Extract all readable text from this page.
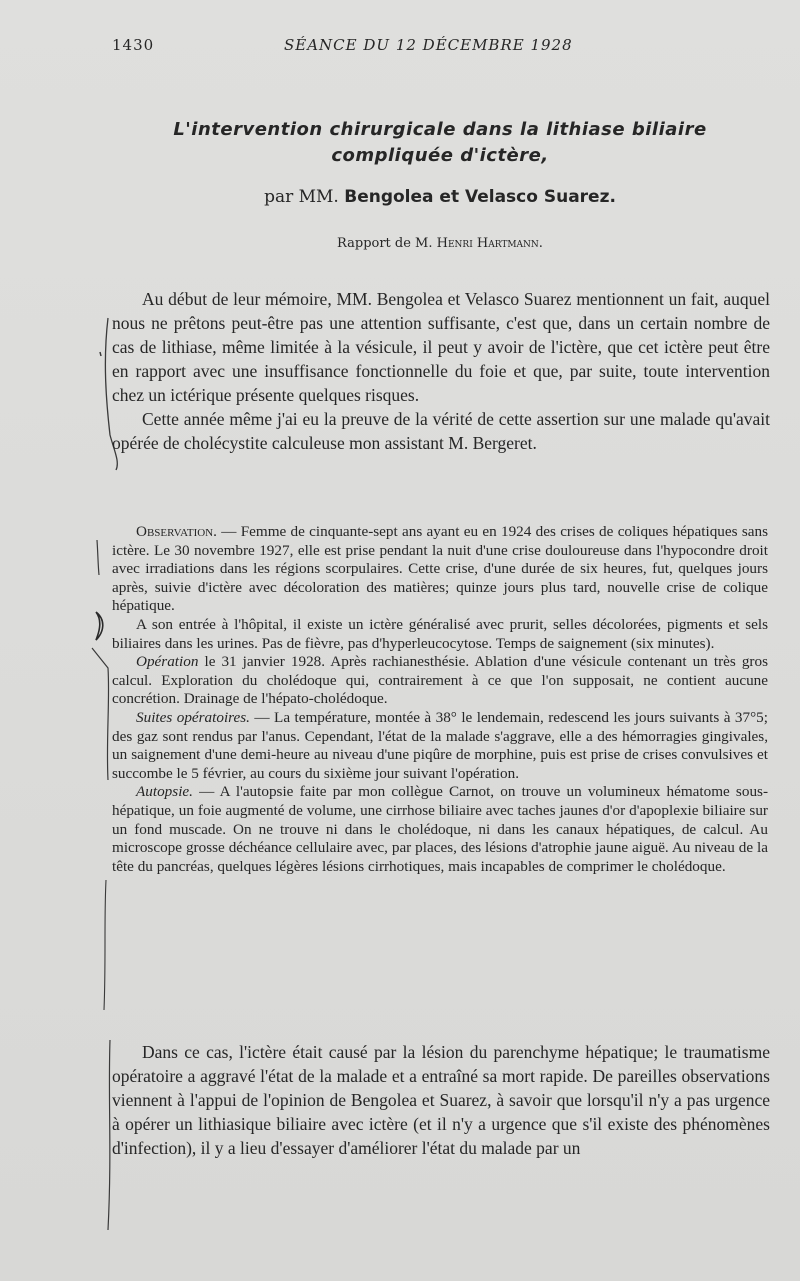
1430	SÉANCE DU 12 DÉCEMBRE 1928
L'intervention chirurgicale dans la lithiase biliaire
compliquée d'ictère,
par MM. Bengolea et Velasco Suarez.
Rapport de M. Henri Hartmann.

Au début de leur mémoire, MM. Bengolea et Velasco Suarez mentionnent un fait, auquel nous ne prêtons peut-être pas une attention suffisante, c'est que, dans un certain nombre de cas de lithiase, même limitée à la vésicule, il peut y avoir de l'ictère, que cet ictère peut être en rapport avec une insuffisance fonctionnelle du foie et que, par suite, toute intervention chez un ictérique présente quelques risques.

Cette année même j'ai eu la preuve de la vérité de cette assertion sur une malade qu'avait opérée de cholécystite calculeuse mon assistant M. Bergeret.

Observation. — Femme de cinquante-sept ans ayant eu en 1924 des crises de coliques hépatiques sans ictère. Le 30 novembre 1927, elle est prise pendant la nuit d'une crise douloureuse dans l'hypocondre droit avec irradiations dans les régions scorpulaires. Cette crise, d'une durée de six heures, fut, quelques jours après, suivie d'ictère avec décoloration des matières; quinze jours plus tard, nouvelle crise de colique hépatique.

A son entrée à l'hôpital, il existe un ictère généralisé avec prurit, selles décolorées, pigments et sels biliaires dans les urines. Pas de fièvre, pas d'hyperleucocytose. Temps de saignement (six minutes).

Opération le 31 janvier 1928. Après rachianesthésie. Ablation d'une vésicule contenant un très gros calcul. Exploration du cholédoque qui, contrairement à ce que l'on supposait, ne contient aucune concrétion. Drainage de l'hépato-cholédoque.

Suites opératoires. — La température, montée à 38° le lendemain, redescend les jours suivants à 37°5; des gaz sont rendus par l'anus. Cependant, l'état de la malade s'aggrave, elle a des hémorragies gingivales, un saignement d'une demi-heure au niveau d'une piqûre de morphine, puis est prise de crises convulsives et succombe le 5 février, au cours du sixième jour suivant l'opération.

Autopsie. — A l'autopsie faite par mon collègue Carnot, on trouve un volumineux hématome sous-hépatique, un foie augmenté de volume, une cirrhose biliaire avec taches jaunes d'or d'apoplexie biliaire sur un fond muscade. On ne trouve ni dans le cholédoque, ni dans les canaux hépatiques, de calcul. Au microscope grosse déchéance cellulaire avec, par places, des lésions d'atrophie jaune aiguë. Au niveau de la tête du pancréas, quelques légères lésions cirrhotiques, mais incapables de comprimer le cholédoque.

Dans ce cas, l'ictère était causé par la lésion du parenchyme hépatique; le traumatisme opératoire a aggravé l'état de la malade et a entraîné sa mort rapide. De pareilles observations viennent à l'appui de l'opinion de Bengolea et Suarez, à savoir que lorsqu'il n'y a pas urgence à opérer un lithiasique biliaire avec ictère (et il n'y a urgence que s'il existe des phénomènes d'infection), il y a lieu d'essayer d'améliorer l'état du malade par un
